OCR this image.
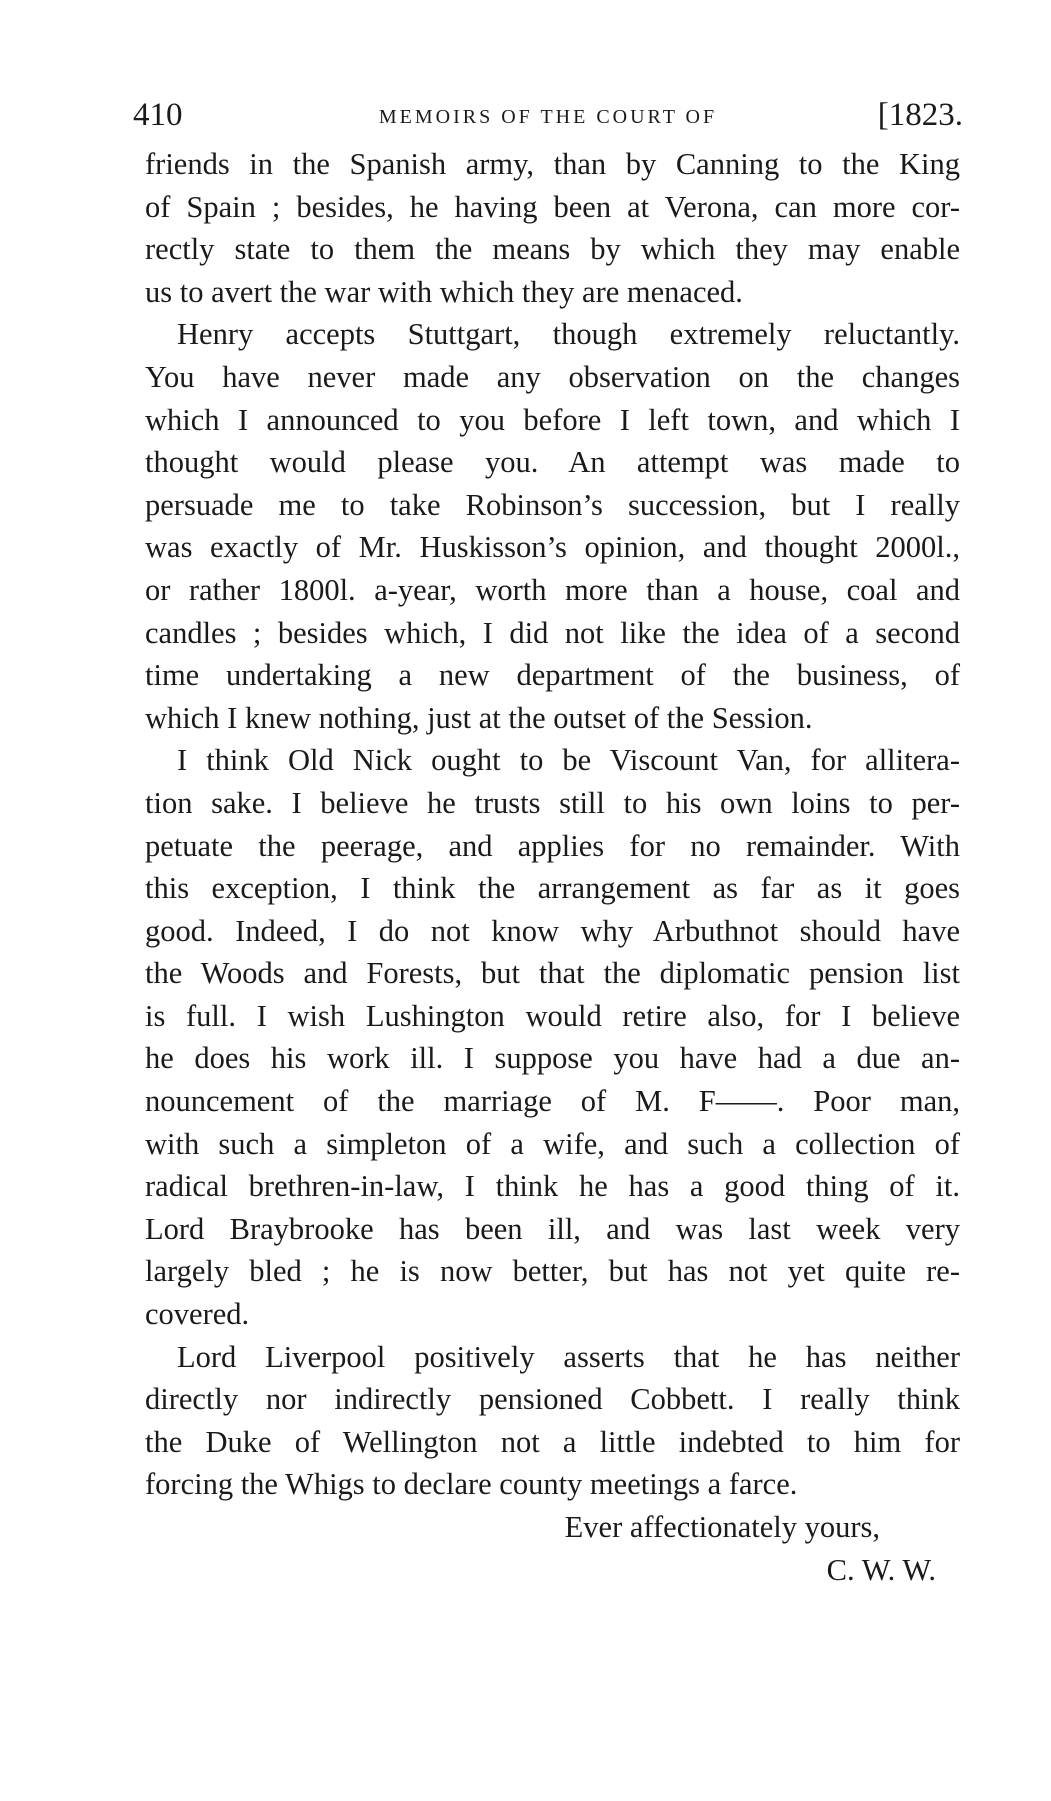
410	MEMOIRS OF THE COURT OF	[1823.
friends in the Spanish army, than by Canning to the King
of Spain ; besides, he having been at Verona, can more cor-
rectly state to them the means by which they may enable
us to avert the war with which they are menaced.
Henry accepts Stuttgart, though extremely reluctantly.
You have never made any observation on the changes
which I announced to you before I left town, and which I
thought would please you. An attempt was made to
persuade me to take Robinson’s succession, but I really
was exactly of Mr. Huskisson’s opinion, and thought 2000l.,
or rather 1800l. a-year, worth more than a house, coal and
candles ; besides which, I did not like the idea of a second
time undertaking a new department of the business, of
which I knew nothing, just at the outset of the Session.
I think Old Nick ought to be Viscount Van, for allitera-
tion sake. I believe he trusts still to his own loins to per-
petuate the peerage, and applies for no remainder. With
this exception, I think the arrangement as far as it goes
good. Indeed, I do not know why Arbuthnot should have
the Woods and Forests, but that the diplomatic pension list
is full. I wish Lushington would retire also, for I believe
he does his work ill. I suppose you have had a due an-
nouncement of the marriage of M. F——. Poor man,
with such a simpleton of a wife, and such a collection of
radical brethren-in-law, I think he has a good thing of it.
Lord Braybrooke has been ill, and was last week very
largely bled ; he is now better, but has not yet quite re-
covered.
Lord Liverpool positively asserts that he has neither
directly nor indirectly pensioned Cobbett. I really think
the Duke of Wellington not a little indebted to him for
forcing the Whigs to declare county meetings a farce.
Ever affectionately yours,
C. W. W.
